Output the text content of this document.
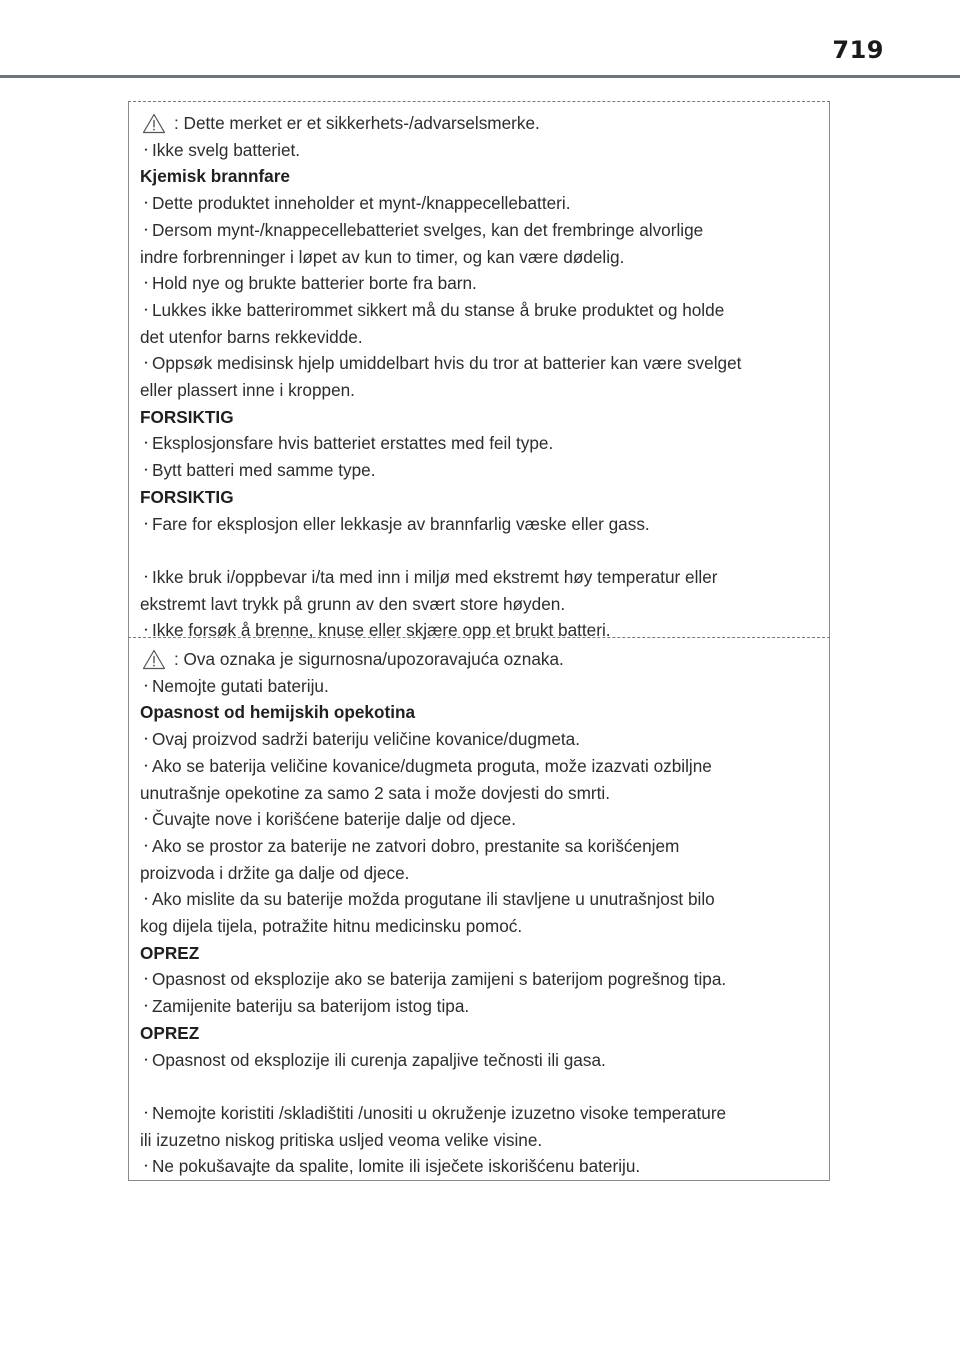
719
: Dette merket er et sikkerhets-/advarselsmerke.
・ Ikke svelg batteriet.
Kjemisk brannfare
・ Dette produktet inneholder et mynt-/knappecellebatteri.
・ Dersom mynt-/knappecellebatteriet svelges, kan det frembringe alvorlige
indre forbrenninger i løpet av kun to timer, og kan være dødelig.
・ Hold nye og brukte batterier borte fra barn.
・ Lukkes ikke batterirommet sikkert må du stanse å bruke produktet og holde
det utenfor barns rekkevidde.
・ Oppsøk medisinsk hjelp umiddelbart hvis du tror at batterier kan være svelget
eller plassert inne i kroppen.
FORSIKTIG
・ Eksplosjonsfare hvis batteriet erstattes med feil type.
・ Bytt batteri med samme type.
FORSIKTIG
・ Fare for eksplosjon eller lekkasje av brannfarlig væske eller gass.
・ Ikke bruk i/oppbevar i/ta med inn i miljø med ekstremt høy temperatur eller
ekstremt lavt trykk på grunn av den svært store høyden.
・ Ikke forsøk å brenne, knuse eller skjære opp et brukt batteri.
: Ova oznaka je sigurnosna/upozoravajuća oznaka.
・ Nemojte gutati bateriju.
Opasnost od hemijskih opekotina
・ Ovaj proizvod sadrži bateriju veličine kovanice/dugmeta.
・ Ako se baterija veličine kovanice/dugmeta proguta, može izazvati ozbiljne
unutrašnje opekotine za samo 2 sata i može dovjesti do smrti.
・ Čuvajte nove i korišćene baterije dalje od djece.
・ Ako se prostor za baterije ne zatvori dobro, prestanite sa korišćenjem
proizvoda i držite ga dalje od djece.
・ Ako mislite da su baterije možda progutane ili stavljene u unutrašnjost bilo
kog dijela tijela, potražite hitnu medicinsku pomoć.
OPREZ
・ Opasnost od eksplozije ako se baterija zamijeni s baterijom pogrešnog tipa.
・ Zamijenite bateriju sa baterijom istog tipa.
OPREZ
・ Opasnost od eksplozije ili curenja zapaljive tečnosti ili gasa.
・ Nemojte koristiti /skladištiti /unositi u okruženje izuzetno visoke temperature
ili izuzetno niskog pritiska usljed veoma velike visine.
・ Ne pokušavajte da spalite, lomite ili isječete iskorišćenu bateriju.
